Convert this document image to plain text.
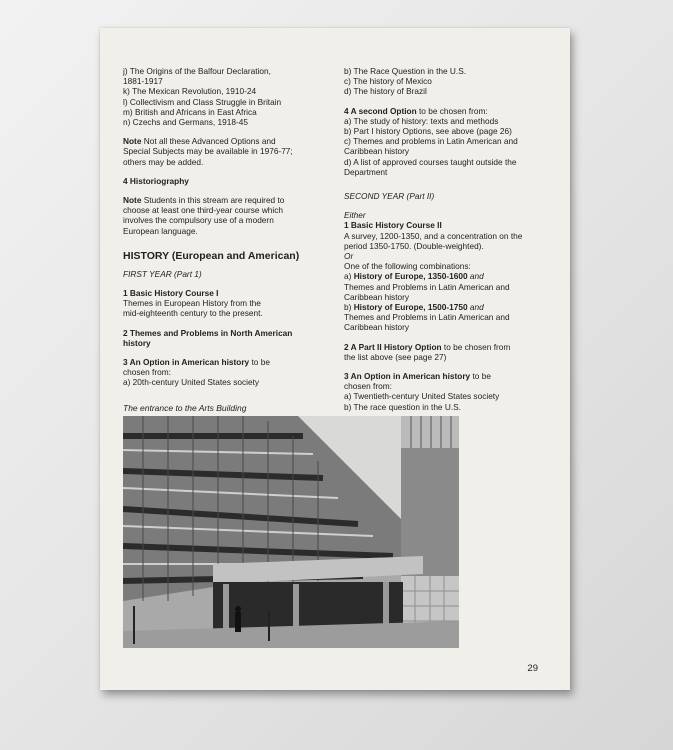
j) The Origins of the Balfour Declaration,

1881-1917

k) The Mexican Revolution, 1910-24

l) Collectivism and Class Struggle in Britain

m) British and Africans in East Africa

n) Czechs and Germans, 1918-45

Note Not all these Advanced Options and

Special Subjects may be available in 1976-77;

others may be added.

4 Historiography

Note Students in this stream are required to

choose at least one third-year course which

involves the compulsory use of a modern

European language.

HISTORY (European and American)

FIRST YEAR (Part 1)

1 Basic History Course I

Themes in European History from the

mid-eighteenth century to the present.

2 Themes and Problems in North American

history

3 An Option in American history to be

chosen from:

a) 20th-century United States society

b) The Race Question in the U.S.

c) The history of Mexico

d) The history of Brazil

4 A second Option to be chosen from:

a) The study of history: texts and methods

b) Part I history Options, see above (page 26)

c) Themes and problems in Latin American and

Caribbean history

d) A list of approved courses taught outside the

Department

SECOND YEAR (Part II)

Either

1 Basic History Course II

A survey, 1200-1350, and a concentration on the

period 1350-1750. (Double-weighted).

Or

One of the following combinations:

a) History of Europe, 1350-1600 and

Themes and Problems in Latin American and

Caribbean history

b) History of Europe, 1500-1750 and

Themes and Problems in Latin American and

Caribbean history

2 A Part II History Option to be chosen from

the list above (see page 27)

3 An Option in American history to be

chosen from:

a) Twentieth-century United States society

b) The race question in the U.S.

The entrance to the Arts Building
29
